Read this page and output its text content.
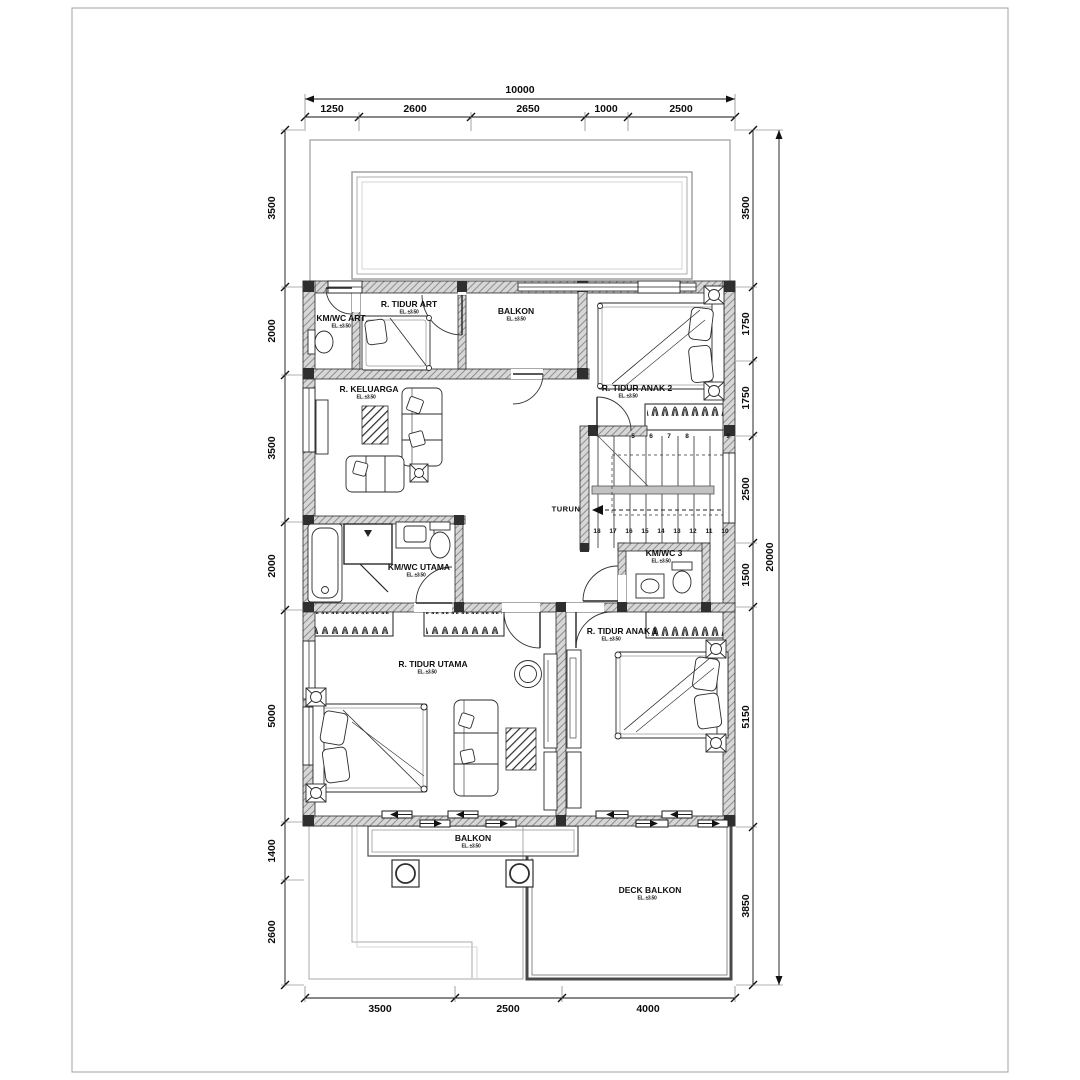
10000
1250	2600	2650	1000	2500
3500
2000
3500
2000
5000
1400
2600
3500
1750
1750
2500
1500
5150
3850
20000
3500	2500	4000
KM/WC ART
EL. ±3.50
R. TIDUR ART
EL. ±3.50	BALKON
EL. ±3.50
R. TIDUR ANAK 2
EL. ±3.50
R. KELUARGA
EL. ±3.50
KM/WC UTAMA
EL. ±3.50
KM/WC 3
EL. ±3.50
R. TIDUR ANAK 1
EL. ±3.50
R. TIDUR UTAMA
EL. ±3.50
BALKON
EL. ±3.50
DECK BALKON
EL. ±3.50
TURUN
5 6 7 8	9
18 17 16 15 14 13 12 11 10
